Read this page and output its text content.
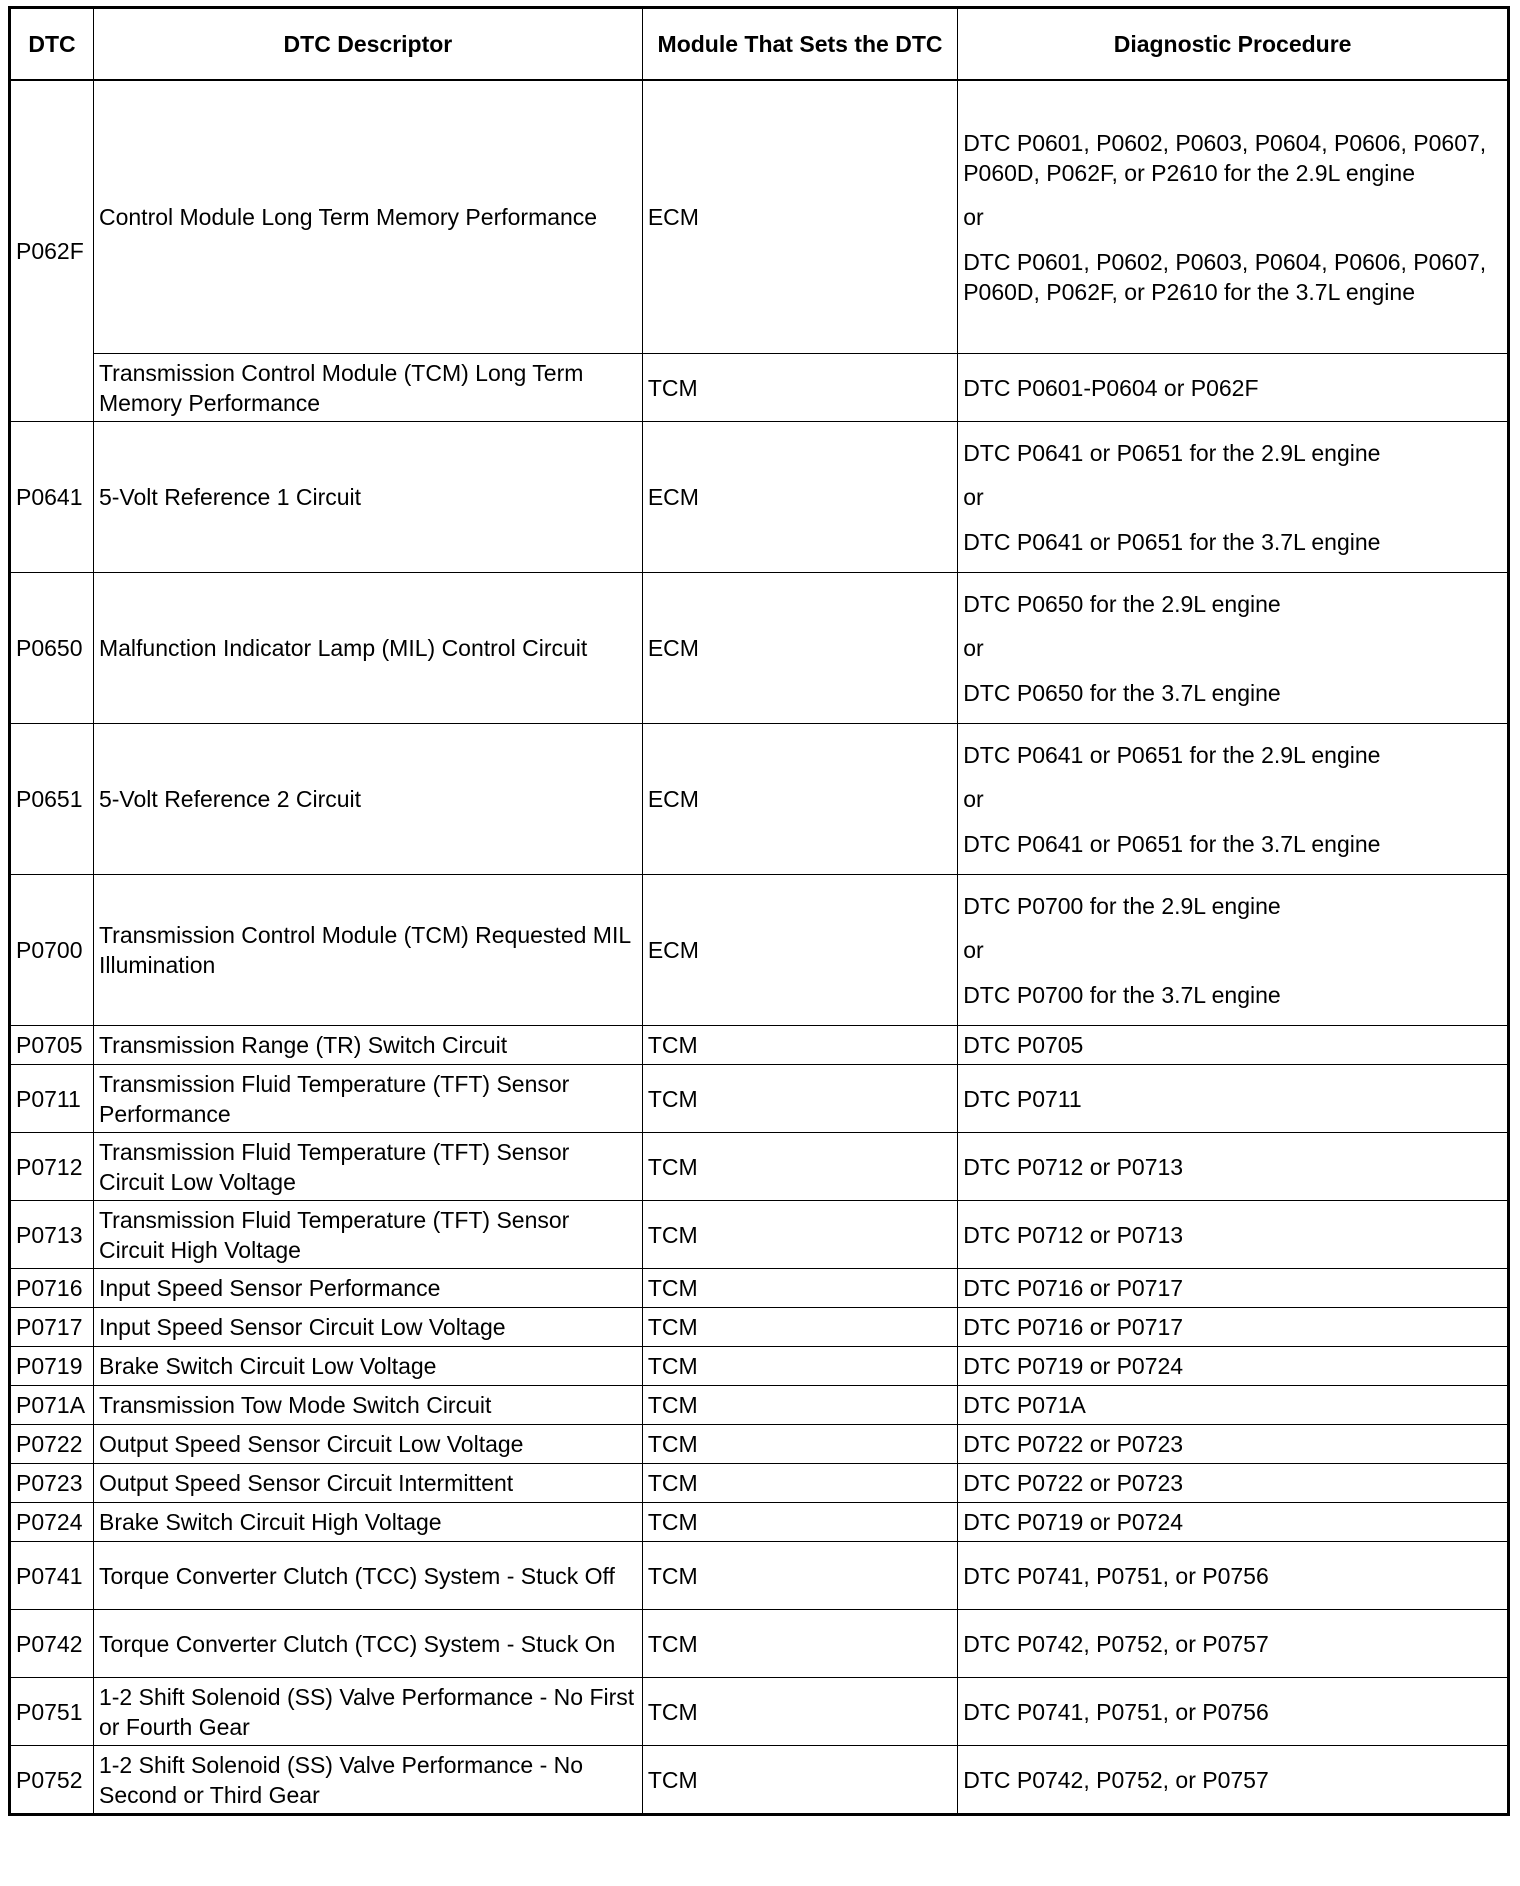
DTC	DTC Descriptor	Module That Sets the DTC	Diagnostic Procedure
P062F	Control Module Long Term Memory Performance	ECM	DTC P0601, P0602, P0603, P0604, P0606, P0607, P060D, P062F, or P2610 for the 2.9L engine
or
DTC P0601, P0602, P0603, P0604, P0606, P0607, P060D, P062F, or P2610 for the 3.7L engine

	Transmission Control Module (TCM) Long Term Memory Performance	TCM	DTC P0601-P0604 or P062F
P0641	5-Volt Reference 1 Circuit	ECM	DTC P0641 or P0651 for the 2.9L engine
or
DTC P0641 or P0651 for the 3.7L engine

P0650	Malfunction Indicator Lamp (MIL) Control Circuit	ECM	DTC P0650 for the 2.9L engine
or
DTC P0650 for the 3.7L engine

P0651	5-Volt Reference 2 Circuit	ECM	DTC P0641 or P0651 for the 2.9L engine
or
DTC P0641 or P0651 for the 3.7L engine

P0700	Transmission Control Module (TCM) Requested MIL Illumination	ECM	DTC P0700 for the 2.9L engine
or
DTC P0700 for the 3.7L engine

P0705	Transmission Range (TR) Switch Circuit	TCM	DTC P0705
P0711	Transmission Fluid Temperature (TFT) Sensor Performance	TCM	DTC P0711
P0712	Transmission Fluid Temperature (TFT) Sensor Circuit Low Voltage	TCM	DTC P0712 or P0713
P0713	Transmission Fluid Temperature (TFT) Sensor Circuit High Voltage	TCM	DTC P0712 or P0713
P0716	Input Speed Sensor Performance	TCM	DTC P0716 or P0717
P0717	Input Speed Sensor Circuit Low Voltage	TCM	DTC P0716 or P0717
P0719	Brake Switch Circuit Low Voltage	TCM	DTC P0719 or P0724
P071A	Transmission Tow Mode Switch Circuit	TCM	DTC P071A
P0722	Output Speed Sensor Circuit Low Voltage	TCM	DTC P0722 or P0723
P0723	Output Speed Sensor Circuit Intermittent	TCM	DTC P0722 or P0723
P0724	Brake Switch Circuit High Voltage	TCM	DTC P0719 or P0724
P0741	Torque Converter Clutch (TCC) System - Stuck Off	TCM	DTC P0741, P0751, or P0756
P0742	Torque Converter Clutch (TCC) System - Stuck On	TCM	DTC P0742, P0752, or P0757
P0751	1-2 Shift Solenoid (SS) Valve Performance - No First or Fourth Gear	TCM	DTC P0741, P0751, or P0756
P0752	1-2 Shift Solenoid (SS) Valve Performance - No Second or Third Gear	TCM	DTC P0742, P0752, or P0757
